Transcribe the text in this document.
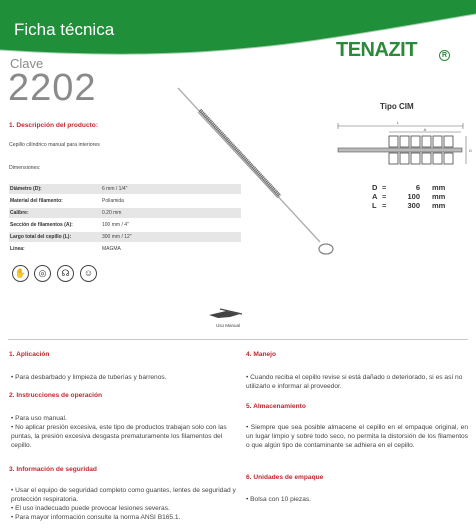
Ficha técnica
TENAZIT	R
Clave
2202
1. Descripción del producto:
Cepillo cilíndrico manual para interiores
Dimensiones:
Diámetro (D):	6 mm / 1/4"
Material del filamento:	Poliamida
Calibre:	0.20 mm
Sección de filamentos (A):	100 mm / 4"
Largo total del cepillo (L):	300 mm / 12"
Línea:	MAGMA
✋	◎	☊	☺
Tipo CIM
L
A
D
D =	6 mm
A =	100 mm
L =	300 mm
Uso Manual
1. Aplicación
• Para desbarbado y limpieza de tuberías y barrenos.
2. Instrucciones de operación
• Para uso manual.
• No aplicar presión excesiva, este tipo de productos trabajan solo con las puntas, la presión excesiva desgasta prematuramente los filamentos del cepillo.
3. Información de seguridad
• Usar el equipo de seguridad completo como guantes, lentes de seguridad y protección respiratoria.
• El uso inadecuado puede provocar lesiones severas.
• Para mayor información consulte la norma ANSI B165.1.
4. Manejo
• Cuando reciba el cepillo revise si está dañado o deteriorado, si es así no utilizarlo e informar al proveedor.
5. Almacenamiento
• Siempre que sea posible almacene el cepillo en el empaque original, en un lugar limpio y sobre todo seco, no permita la distorsión de los filamentos o que algún tipo de contaminante se adhiera en el cepillo.
6. Unidades de empaque
• Bolsa con 10 piezas.
